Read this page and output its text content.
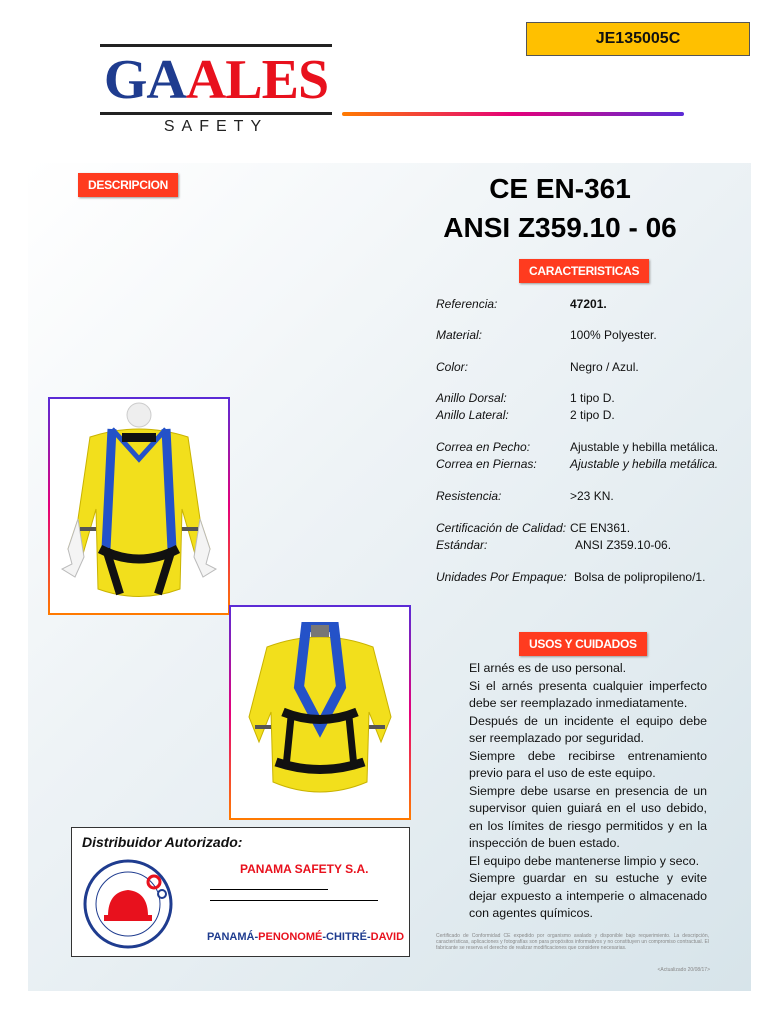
JE135005C
GAALES
SAFETY
DESCRIPCION	CE EN-361
ANSI Z359.10 - 06
CARACTERISTICAS
Referencia:	47201.
Material:	100% Polyester.
Color:	Negro / Azul.
Anillo Dorsal:	1 tipo D.
Anillo Lateral:	2 tipo D.
Correa en Pecho:	Ajustable y hebilla metálica.
Correa en Piernas:	Ajustable y hebilla metálica.
Resistencia:	>23 KN.
Certificación de Calidad: CE EN361.
Estándar:	ANSI Z359.10-06.
Unidades Por Empaque: Bolsa de polipropileno/1.
USOS Y CUIDADOS

El arnés es de uso personal.

Si el arnés presenta cualquier imperfecto debe ser reemplazado inmediatamente.

Después de un incidente el equipo debe ser reemplazado por seguridad.

Siempre debe recibirse entrenamiento previo para el uso de este equipo.

Siempre debe usarse en presencia de un supervisor quien guiará en el uso debido, en los límites de riesgo permitidos y en la inspección de buen estado.

El equipo debe mantenerse limpio y seco.

Siempre guardar en su estuche y evite dejar expuesto a intemperie o almacenado con agentes químicos.

Certificado de Conformidad CE expedido por organismo avalado y disponible bajo requerimiento. La descripción, características, aplicaciones y fotografías son para propósitos informativos y no constituyen un compromiso contractual. El fabricante se reserva el derecho de realizar modificaciones que considere necesarias.
<Actualizado 20/08/17>
Distribuidor Autorizado:
PANAMA SAFETY S.A.
PANAMÁ-PENONOMÉ-CHITRÉ-DAVID
